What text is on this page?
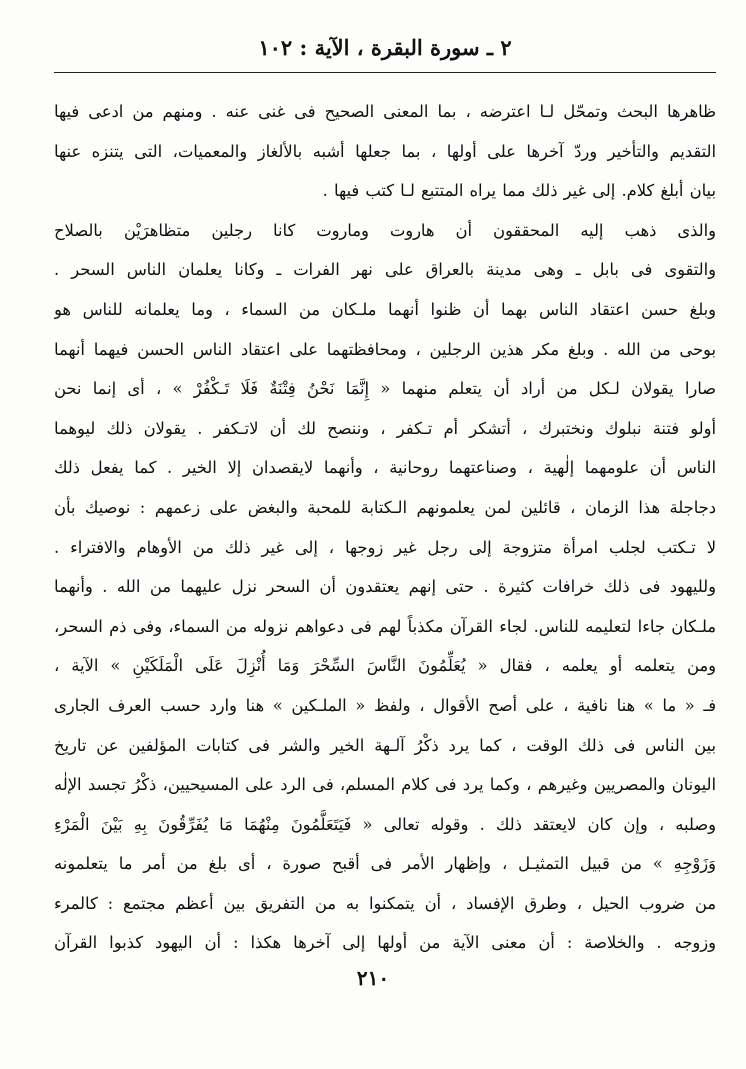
٢ ـ سورة البقرة ، الآية : ١٠٢
ظاهرها البحث وتمحّل لـا اعترضه ، بما المعنى الصحيح فى غنى عنه . ومنهم من ادعى فيها
التقديم والتأخير وردّ آخرها على أولها ، بما جعلها أشبه بالألغاز والمعميات، التى يتنزه عنها
بيان أبلغ كلام. إلى غير ذلك مما يراه المتتبع لـا كتب فيها .
والذى ذهب إليه المحققون أن هاروت وماروت كانا رجلين متظاهرَيْن بالصلاح
والتقوى فى بابل ـ وهى مدينة بالعراق على نهر الفرات ـ وكانا يعلمان الناس السحر .
وبلغ حسن اعتقاد الناس بهما أن ظنوا أنهما ملـكان من السماء ، وما يعلمانه للناس هو
بوحى من الله . وبلغ مكر هذين الرجلين ، ومحافظتهما على اعتقاد الناس الحسن فيهما أنهما
صارا يقولان لـكل من أراد أن يتعلم منهما « إِنَّمَا نَحْنُ فِتْنَةٌ فَلَا تَـكْفُرْ » ، أى إنما نحن
أولو فتنة نبلوك ونختبرك ، أتشكر أم تـكفر ، وننصح لك أن لاتـكفر . يقولان ذلك ليوهما
الناس أن علومهما إلٰهية ، وصناعتهما روحانية ، وأنهما لايقصدان إلا الخير . كما يفعل ذلك
دجاجلة هذا الزمان ، قائلين لمن يعلمونهم الـكتابة للمحبة والبغض على زعمهم : نوصيك بأن
لا تـكتب لجلب امرأة متزوجة إلى رجل غير زوجها ، إلى غير ذلك من الأوهام والافتراء .
ولليهود فى ذلك خرافات كثيرة . حتى إنهم يعتقدون أن السحر نزل عليهما من الله . وأنهما
ملـكان جاءا لتعليمه للناس. لجاء القرآن مكذباً لهم فى دعواهم نزوله من السماء، وفى ذم السحر،
ومن يتعلمه أو يعلمه ، فقال « يُعَلِّمُونَ النَّاسَ السِّحْرَ وَمَا أُنْزِلَ عَلَى الْمَلَكَيْنِ » الآية ،
فـ « ما » هنا نافية ، على أصح الأقوال ، ولفظ « الملـكين » هنا وارد حسب العرف الجارى
بين الناس فى ذلك الوقت ، كما يرد ذكْرُ آلـهة الخير والشر فى كتابات المؤلفين عن تاريخ
اليونان والمصريين وغيرهم ، وكما يرد فى كلام المسلم، فى الرد على المسيحيين، ذكْرُ تجسد الإلٰه
وصلبه ، وإن كان لايعتقد ذلك . وقوله تعالى « فَيَتَعَلَّمُونَ مِنْهُمَا مَا يُفَرِّقُونَ بِهِ بَيْنَ الْمَرْءِ
وَزَوْجِهِ » من قبيل التمثيـل ، وإظهار الأمر فى أقبح صورة ، أى بلغ من أمر ما يتعلمونه
من ضروب الحيل ، وطرق الإفساد ، أن يتمكنوا به من التفريق بين أعظم مجتمع : كالمرء
وزوجه . والخلاصة : أن معنى الآية من أولها إلى آخرها هكذا : أن اليهود كذبوا القرآن
٢١٠
